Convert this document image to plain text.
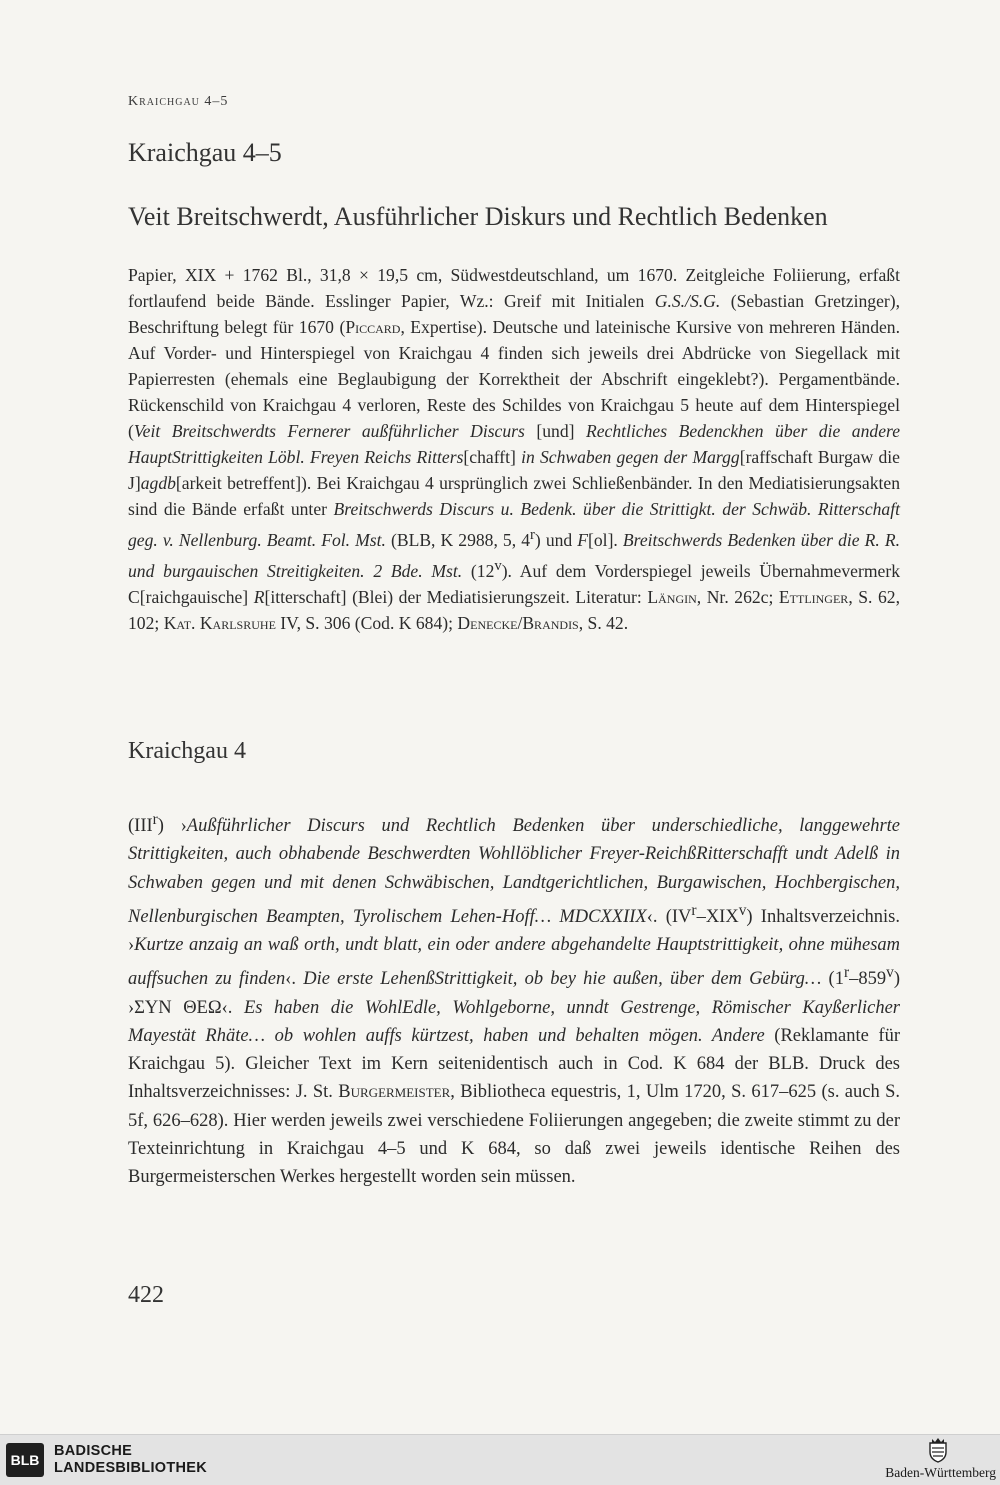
Kraichgau 4–5
Kraichgau 4–5
Veit Breitschwerdt, Ausführlicher Diskurs und Rechtlich Bedenken

Papier, XIX + 1762 Bl., 31,8 × 19,5 cm, Südwestdeutschland, um 1670. Zeitgleiche Foliierung, erfaßt fortlaufend beide Bände. Esslinger Papier, Wz.: Greif mit Initialen G.S./S.G. (Sebastian Gretzinger), Beschriftung belegt für 1670 (Piccard, Expertise). Deutsche und lateinische Kursive von mehreren Händen. Auf Vorder- und Hinterspiegel von Kraichgau 4 finden sich jeweils drei Abdrücke von Siegellack mit Papierresten (ehemals eine Beglaubigung der Korrektheit der Abschrift eingeklebt?). Pergamentbände. Rückenschild von Kraichgau 4 verloren, Reste des Schildes von Kraichgau 5 heute auf dem Hinterspiegel (Veit Breitschwerdts Fernerer außführlicher Discurs [und] Rechtliches Bedenckhen über die andere HauptStrittigkeiten Löbl. Freyen Reichs Ritters[chafft] in Schwaben gegen der Margg[raffschaft Burgaw die J]agdb[arkeit betreffent]). Bei Kraichgau 4 ursprünglich zwei Schließenbänder. In den Mediatisierungsakten sind die Bände erfaßt unter Breitschwerds Discurs u. Bedenk. über die Strittigkt. der Schwäb. Ritterschaft geg. v. Nellenburg. Beamt. Fol. Mst. (BLB, K 2988, 5, 4$^r$) und F[ol]. Breitschwerds Bedenken über die R. R. und burgauischen Streitigkeiten. 2 Bde. Mst. (12$^v$). Auf dem Vorderspiegel jeweils Übernahmevermerk C[raichgauische] R[itterschaft] (Blei) der Mediatisierungszeit. Literatur: Längin, Nr. 262c; Ettlinger, S. 62, 102; Kat. Karlsruhe IV, S. 306 (Cod. K 684); Denecke/Brandis, S. 42.

Kraichgau 4

(III$^r$) ›Außführlicher Discurs und Rechtlich Bedenken über underschiedliche, langgewehrte Strittigkeiten, auch obhabende Beschwerdten Wohllöblicher Freyer-ReichßRitterschafft undt Adelß in Schwaben gegen und mit denen Schwäbischen, Landtgerichtlichen, Burgawischen, Hochbergischen, Nellenburgischen Beampten, Tyrolischem Lehen-Hoff… MDCXXIIX‹. $(IV^r-XIX^v)$ Inhaltsverzeichnis. ›Kurtze anzaig an waß orth, undt blatt, ein oder andere abgehandelte Hauptstrittigkeit, ohne mühesam auffsuchen zu finden‹. Die erste LehenßStrittigkeit, ob bey hie außen, über dem Gebürg… (1$^r$–859$^v$) ›ΣΥΝ ΘΕΩ‹. Es haben die WohlEdle, Wohlgeborne, unndt Gestrenge, Römischer Kayßerlicher Mayestät Rhäte… ob wohlen auffs kürtzest, haben und behalten mögen. Andere (Reklamante für Kraichgau 5). Gleicher Text im Kern seitenidentisch auch in Cod. K 684 der BLB. Druck des Inhaltsverzeichnisses: J. St. Burgermeister, Bibliotheca equestris, 1, Ulm 1720, S. 617–625 (s. auch S. 5f, 626–628). Hier werden jeweils zwei verschiedene Foliierungen angegeben; die zweite stimmt zu der Texteinrichtung in Kraichgau 4–5 und K 684, so daß zwei jeweils identische Reihen des Burgermeisterschen Werkes hergestellt worden sein müssen.

422
BLB
BADISCHE
LANDESBIBLIOTHEK	Baden-Württemberg
